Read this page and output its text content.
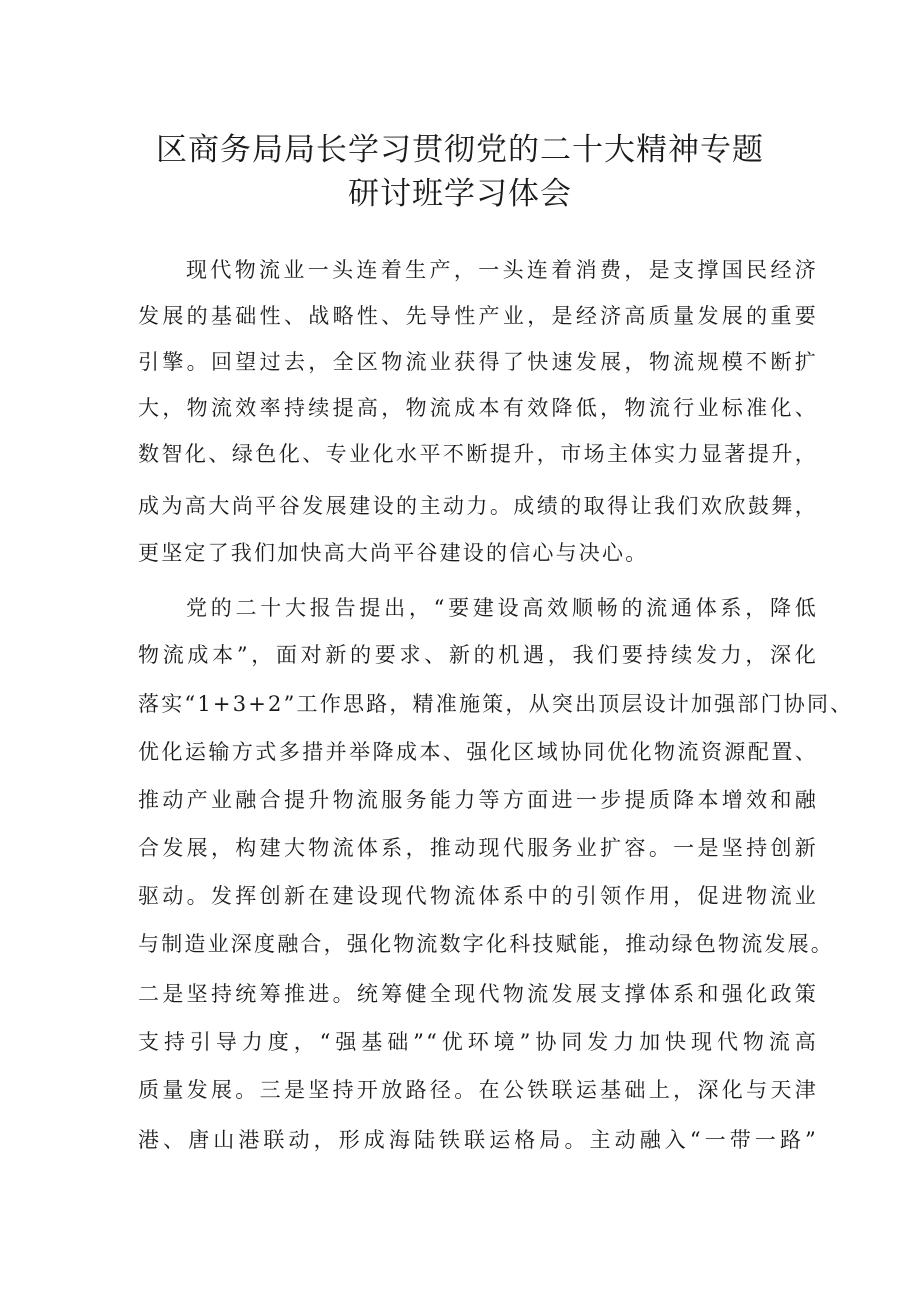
区商务局局长学习贯彻党的二十大精神专题
研讨班学习体会
现代物流业一头连着生产，一头连着消费，是支撑国民经济
发展的基础性、战略性、先导性产业，是经济高质量发展的重要
引擎。回望过去，全区物流业获得了快速发展，物流规模不断扩
大，物流效率持续提高，物流成本有效降低，物流行业标准化、
数智化、绿色化、专业化水平不断提升，市场主体实力显著提升，
成为高大尚平谷发展建设的主动力。成绩的取得让我们欢欣鼓舞，
更坚定了我们加快高大尚平谷建设的信心与决心。
党的二十大报告提出，“要建设高效顺畅的流通体系，降低
物流成本”，面对新的要求、新的机遇，我们要持续发力，深化
落实“1+3+2”工作思路，精准施策，从突出顶层设计加强部门协同、
优化运输方式多措并举降成本、强化区域协同优化物流资源配置、
推动产业融合提升物流服务能力等方面进一步提质降本增效和融
合发展，构建大物流体系，推动现代服务业扩容。一是坚持创新
驱动。发挥创新在建设现代物流体系中的引领作用，促进物流业
与制造业深度融合，强化物流数字化科技赋能，推动绿色物流发展。
二是坚持统筹推进。统筹健全现代物流发展支撑体系和强化政策
支持引导力度，“强基础”“优环境”协同发力加快现代物流高
质量发展。三是坚持开放路径。在公铁联运基础上，深化与天津
港、唐山港联动，形成海陆铁联运格局。主动融入“一带一路”
